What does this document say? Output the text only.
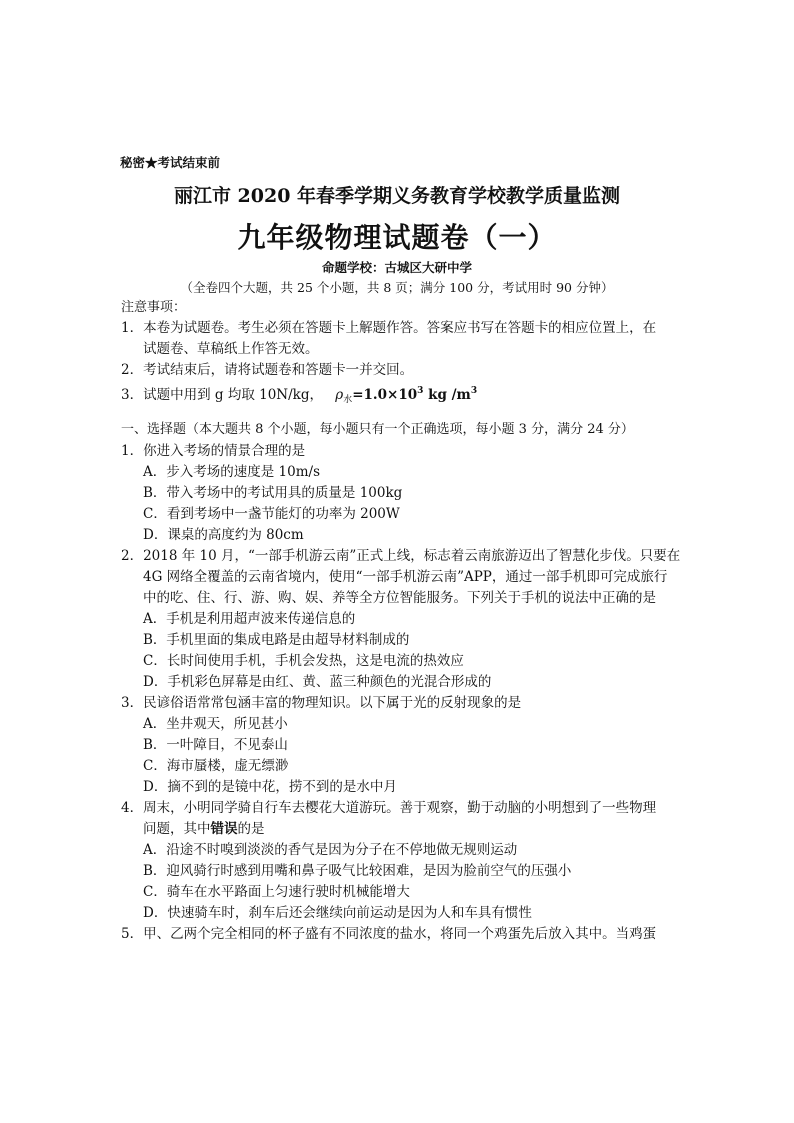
秘密★考试结束前
丽江市 2020 年春季学期义务教育学校教学质量监测
九年级物理试题卷（一）
命题学校：古城区大研中学
（全卷四个大题，共 25 个小题，共 8 页；满分 100 分，考试用时 90 分钟）
注意事项：
1．本卷为试题卷。考生必须在答题卡上解题作答。答案应书写在答题卡的相应位置上，在
试题卷、草稿纸上作答无效。
2．考试结束后，请将试题卷和答题卡一并交回。
3．试题中用到 g 均取 10N/kg， $\rho_水=1.0\times 10^3$ kg $/m^3$
一、选择题（本大题共 8 个小题，每小题只有一个正确选项，每小题 3 分，满分 24 分）
1．你进入考场的情景合理的是
A．步入考场的速度是 10m/s
B．带入考场中的考试用具的质量是 100kg
C．看到考场中一盏节能灯的功率为 200W
D．课桌的高度约为 80cm
2．2018 年 10 月，“一部手机游云南”正式上线，标志着云南旅游迈出了智慧化步伐。只要在
4G 网络全覆盖的云南省境内，使用“一部手机游云南”APP，通过一部手机即可完成旅行
中的吃、住、行、游、购、娱、养等全方位智能服务。下列关于手机的说法中正确的是
A．手机是利用超声波来传递信息的
B．手机里面的集成电路是由超导材料制成的
C．长时间使用手机，手机会发热，这是电流的热效应
D．手机彩色屏幕是由红、黄、蓝三种颜色的光混合形成的
3．民谚俗语常常包涵丰富的物理知识。以下属于光的反射现象的是
A．坐井观天，所见甚小
B．一叶障目，不见泰山
C．海市蜃楼，虚无缥渺
D．摘不到的是镜中花，捞不到的是水中月
4．周末，小明同学骑自行车去樱花大道游玩。善于观察，勤于动脑的小明想到了一些物理
问题，其中错误的是
A．沿途不时嗅到淡淡的香气是因为分子在不停地做无规则运动
B．迎风骑行时感到用嘴和鼻子吸气比较困难，是因为脸前空气的压强小
C．骑车在水平路面上匀速行驶时机械能增大
D．快速骑车时，刹车后还会继续向前运动是因为人和车具有惯性
5．甲、乙两个完全相同的杯子盛有不同浓度的盐水，将同一个鸡蛋先后放入其中。当鸡蛋
